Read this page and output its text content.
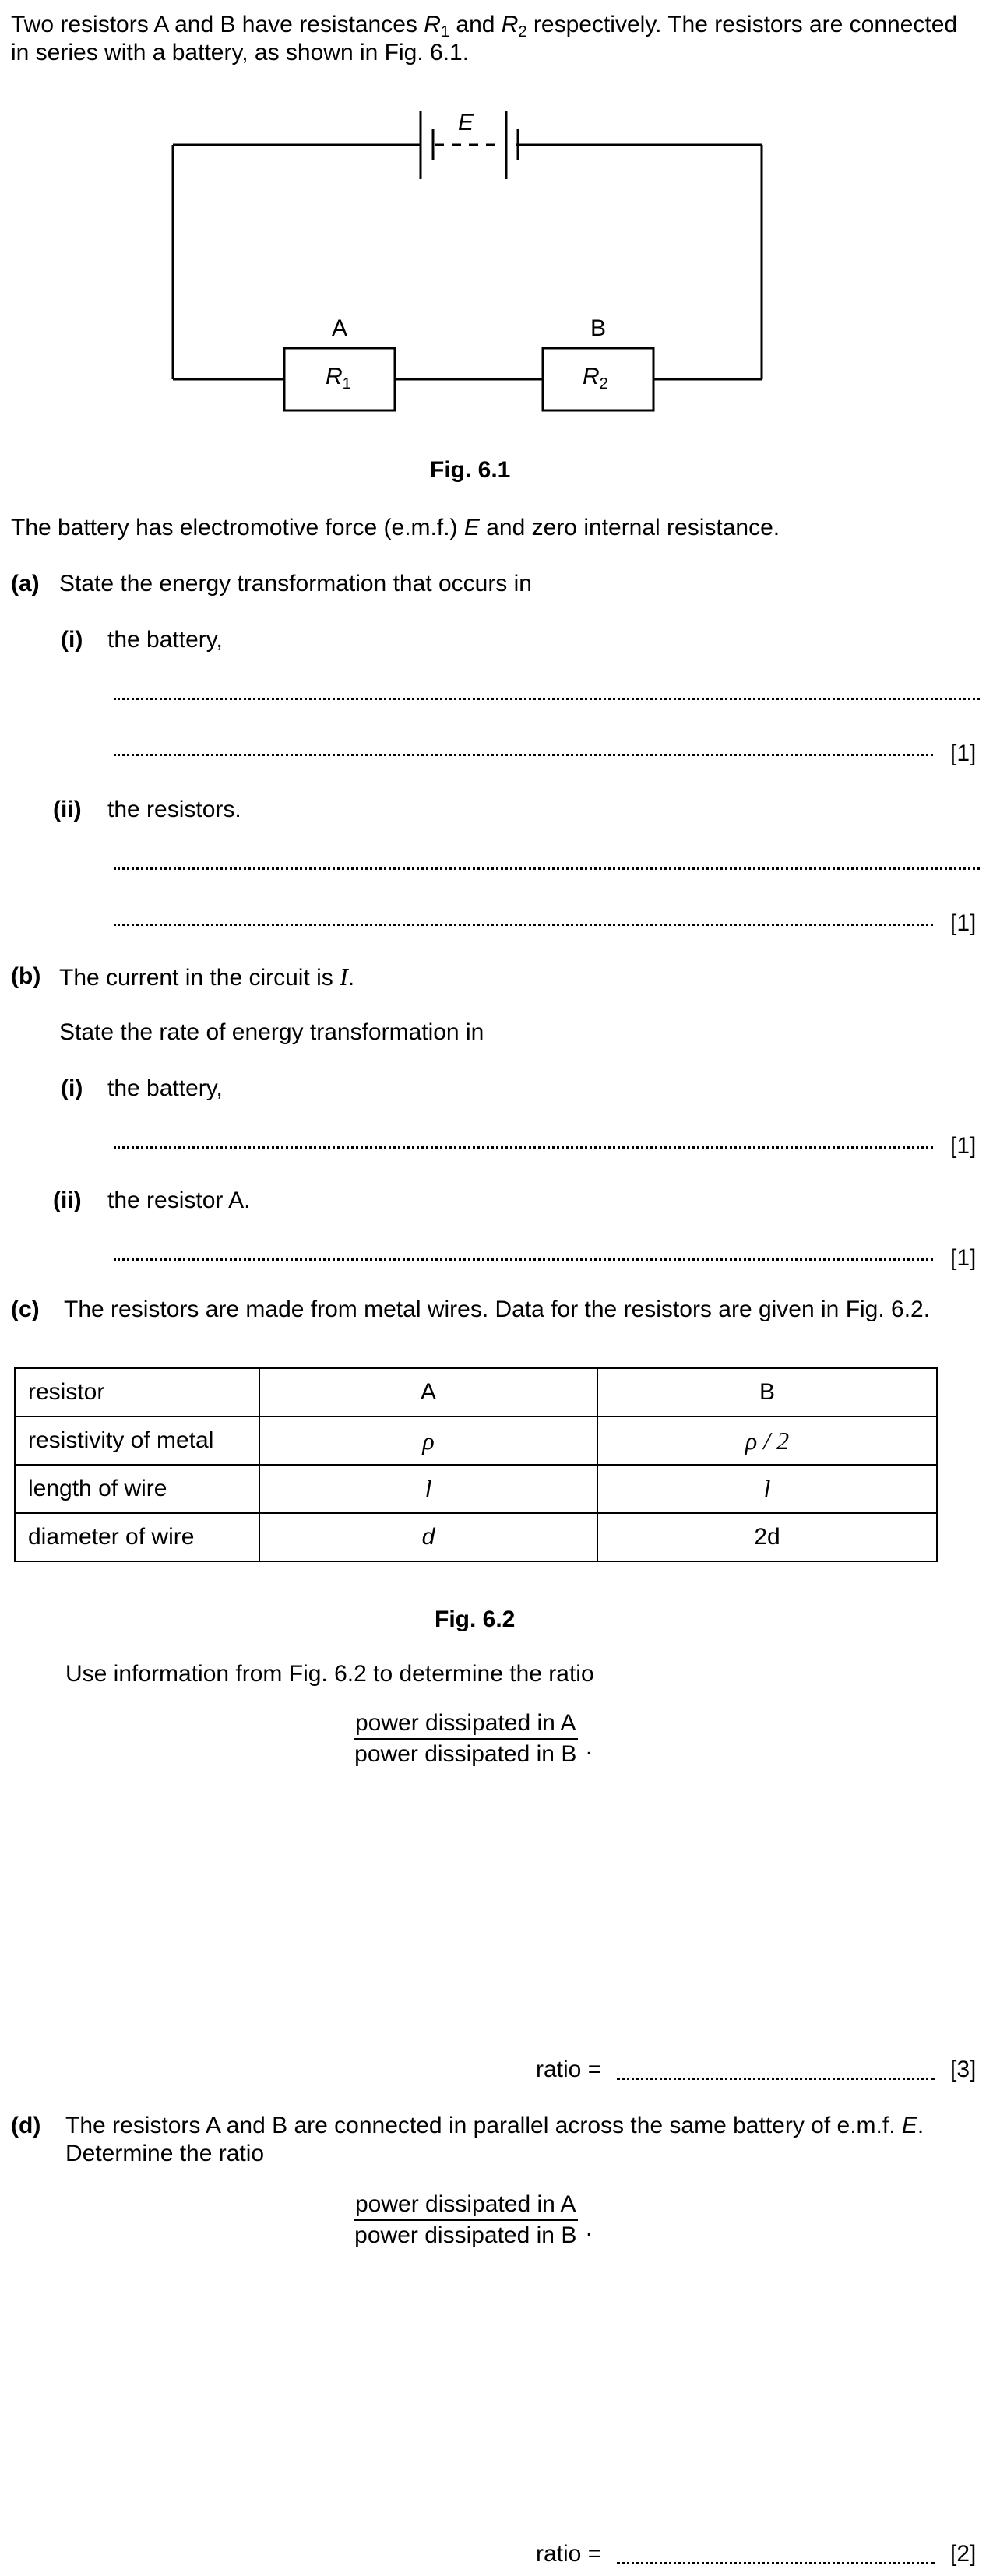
Two resistors A and B have resistances $R_1$ and $R_2$ respectively. The resistors are connected
in series with a battery, as shown in Fig. 6.1.
E
A	B
$R_1$	$R_2$
Fig. 6.1
The battery has electromotive force (e.m.f.) E and zero internal resistance.
(a) State the energy transformation that occurs in
(i) the battery,
[1]
(ii) the resistors.
[1]
(b) The current in the circuit is I.
State the rate of energy transformation in
(i) the battery,
[1]
(ii) the resistor A.
[1]
(c) The resistors are made from metal wires. Data for the resistors are given in Fig. 6.2.
resistor	A	B
resistivity of metal	ρ	ρ / 2
length of wire	l	l
diameter of wire	d	2d
Fig. 6.2
Use information from Fig. 6.2 to determine the ratio
power dissipated in A
power dissipated in B .
ratio =	[3]
(d) The resistors A and B are connected in parallel across the same battery of e.m.f. E.
Determine the ratio
power dissipated in A
power dissipated in B .
ratio =	[2]
